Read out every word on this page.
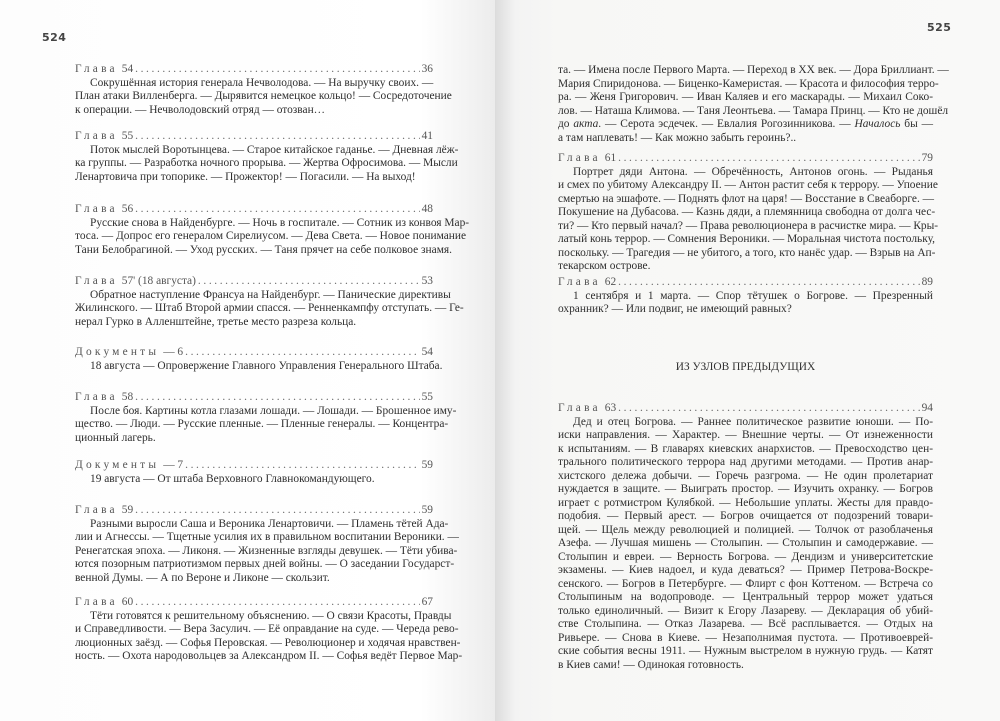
524
Глава 54 .....	36
Сокрушённая история генерала Нечволодова. — На выручку своих. —
План атаки Вилленберга. — Дырявится немецкое кольцо! — Сосредоточение
к операции. — Нечволодовский отряд — отозван…
Глава 55 .....	41
Поток мыслей Воротынцева. — Старое китайское гаданье. — Дневная лёж-
ка группы. — Разработка ночного прорыва. — Жертва Офросимова. — Мысли
Ленартовича при топорике. — Прожектор! — Погасили. — На выход!
Глава 56 .....	48
Русские снова в Найденбурге. — Ночь в госпитале. — Сотник из конвоя Мар-
тоса. — Допрос его генералом Сирелиусом. — Дева Света. — Новое понимание
Тани Белобрагиной. — Уход русских. — Таня прячет на себе полковое знамя.
Глава 57' (18 августа) .....	53
Обратное наступление Франсуа на Найденбург. — Панические директивы
Жилинского. — Штаб Второй армии спасся. — Ренненкампфу отступать. — Ге-
нерал Гурко в Алленштейне, третье место разреза кольца.
Документы — 6 .....	54
18 августа — Опровержение Главного Управления Генерального Штаба.
Глава 58 .....	55
После боя. Картины котла глазами лошади. — Лошади. — Брошенное иму-
щество. — Люди. — Русские пленные. — Пленные генералы. — Концентра-
ционный лагерь.
Документы — 7 .....	59
19 августа — От штаба Верховного Главнокомандующего.
Глава 59 .....	59
Разными выросли Саша и Вероника Ленартовичи. — Пламень тётей Ада-
лии и Агнессы. — Тщетные усилия их в правильном воспитании Вероники. —
Ренегатская эпоха. — Ликоня. — Жизненные взгляды девушек. — Тёти убива-
ются позорным патриотизмом первых дней войны. — О заседании Государст-
венной Думы. — А по Вероне и Ликоне — скользит.
Глава 60 .....	67
Тёти готовятся к решительному объяснению. — О связи Красоты, Правды
и Справедливости. — Вера Засулич. — Её оправдание на суде. — Череда рево-
люционных заёзд. — Софья Перовская. — Революционер и ходячая нравствен-
ность. — Охота народовольцев за Александром II. — Софья ведёт Первое Мар-
525
та. — Имена после Первого Марта. — Переход в XX век. — Дора Бриллиант. —
Мария Спиридонова. — Биценко-Камеристая. — Красота и философия терро-
ра. — Женя Григорович. — Иван Каляев и его маскарады. — Михаил Соко-
лов. — Наташа Климова. — Таня Леонтьева. — Тамара Принц. — Кто не дошёл
до акта. — Серота эсдечек. — Евлалия Рогозинникова. — Началось бы —
а там наплевать! — Как можно забыть героинь?..
Глава 61 .....	79
Портрет дяди Антона. — Обречённость, Антонов огонь. — Рыданья
и смех по убитому Александру II. — Антон растит себя к террору. — Упоение
смертью на эшафоте. — Поднять флот на царя! — Восстание в Свеаборге. —
Покушение на Дубасова. — Казнь дяди, а племянница свободна от долга чес-
ти? — Кто первый начал? — Права революционера в расчистке мира. — Кры-
латый конь террор. — Сомнения Вероники. — Моральная чистота постольку,
поскольку. — Трагедия — не убитого, а того, кто нанёс удар. — Взрыв на Ап-
текарском острове.
Глава 62 .....	89
1 сентября и 1 марта. — Спор тётушек о Богрове. — Презренный
охранник? — Или подвиг, не имеющий равных?
ИЗ УЗЛОВ ПРЕДЫДУЩИХ
Глава 63 .....	94
Дед и отец Богрова. — Раннее политическое развитие юноши. — По-
иски направления. — Характер. — Внешние черты. — От изнеженности
к испытаниям. — В главарях киевских анархистов. — Превосходство цен-
трального политического террора над другими методами. — Против анар-
хистского дележа добычи. — Горечь разгрома. — Не один пролетариат
нуждается в защите. — Выиграть простор. — Изучить охранку. — Богров
играет с ротмистром Кулябкой. — Небольшие уплаты. Жесты для правдо-
подобия. — Первый арест. — Богров очищается от подозрений товари-
щей. — Щель между революцией и полицией. — Толчок от разоблаченья
Азефа. — Лучшая мишень — Столыпин. — Столыпин и самодержавие. —
Столыпин и евреи. — Верность Богрова. — Дендизм и университетские
экзамены. — Киев надоел, и куда деваться? — Пример Петрова-Воскре-
сенского. — Богров в Петербурге. — Флирт с фон Коттеном. — Встреча со
Столыпиным на водопроводе. — Центральный террор может удаться
только единоличный. — Визит к Егору Лазареву. — Декларация об убий-
стве Столыпина. — Отказ Лазарева. — Всё расплывается. — Отдых на
Ривьере. — Снова в Киеве. — Незаполнимая пустота. — Противоеврей-
ские события весны 1911. — Нужным выстрелом в нужную грудь. — Катят
в Киев сами! — Одинокая готовность.
